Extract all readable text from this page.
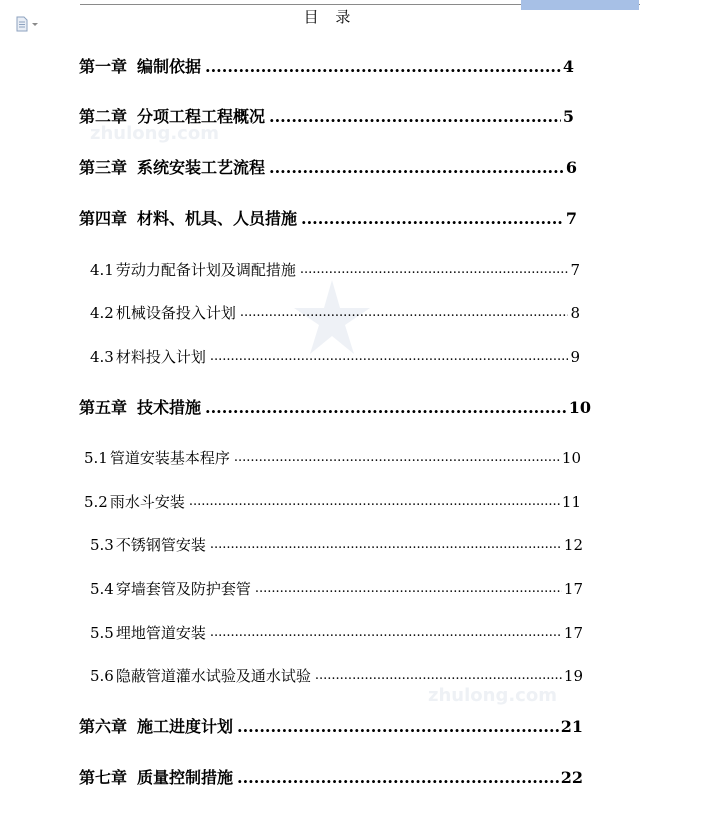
目 录
zhulong.com
zhulong.com
第一章 编制依据 .....	4
第二章 分项工程工程概况 .....	5
第三章 系统安装工艺流程 .....	6
第四章 材料、机具、人员措施 .....	7
4.1 劳动力配备计划及调配措施 .....	7
4.2 机械设备投入计划 .....	8
4.3 材料投入计划 .....	9
第五章 技术措施 .....	10
5.1 管道安装基本程序 .....	10
5.2 雨水斗安装 .....	11
5.3 不锈钢管安装 .....	12
5.4 穿墙套管及防护套管 .....	17
5.5 埋地管道安装 .....	17
5.6 隐蔽管道灌水试验及通水试验 .....	19
第六章 施工进度计划 .....	21
第七章 质量控制措施 .....	22
